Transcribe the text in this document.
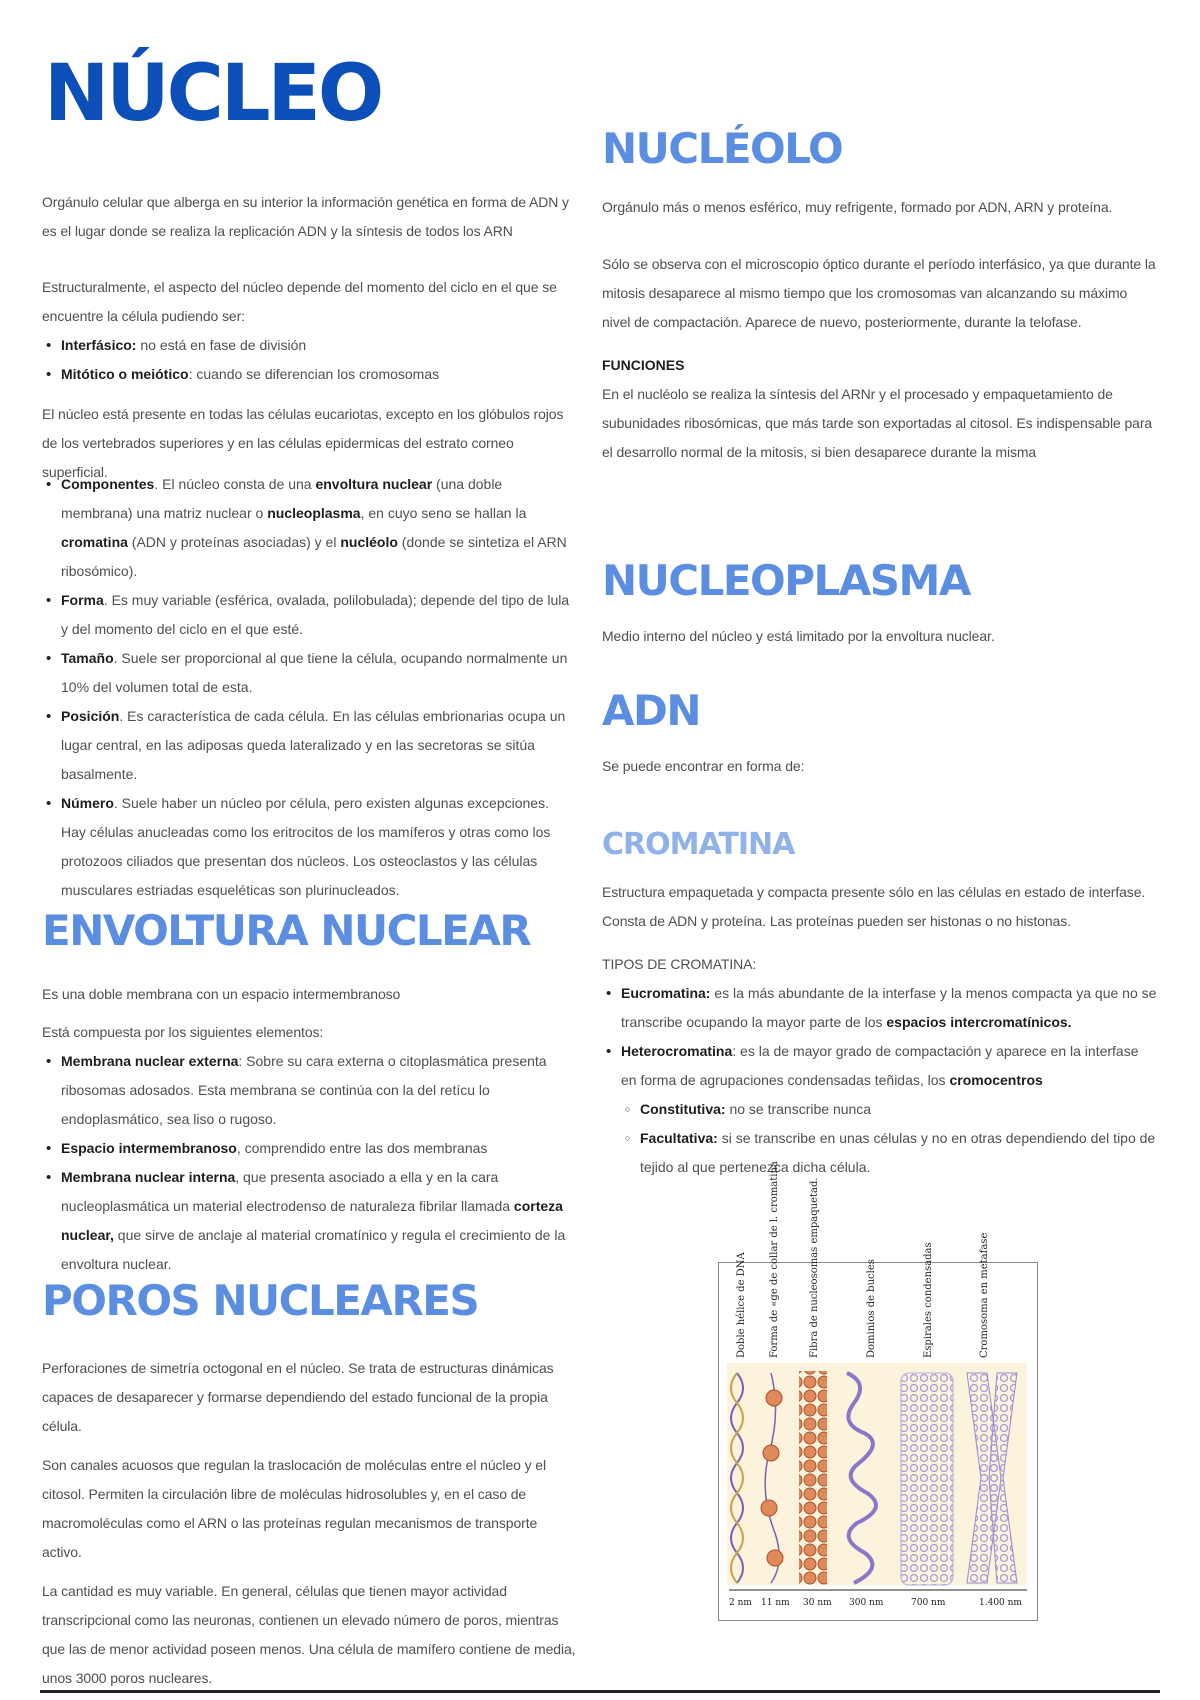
NÚCLEO

Orgánulo celular que alberga en su interior la información genética en forma de ADN y es el lugar donde se realiza la replicación ADN y la síntesis de todos los ARN

Estructuralmente, el aspecto del núcleo depende del momento del ciclo en el que se encuentre la célula pudiendo ser:

• Interfásico: no está en fase de división
• Mitótico o meiótico: cuando se diferencian los cromosomas

El núcleo está presente en todas las células eucariotas, excepto en los glóbulos rojos de los vertebrados superiores y en las células epidermicas del estrato corneo superficial.

• Componentes. El núcleo consta de una envoltura nuclear (una doble membrana) una matriz nuclear o nucleoplasma, en cuyo seno se hallan la cromatina (ADN y proteínas asociadas) y el nucléolo (donde se sintetiza el ARN ribosómico).
• Forma. Es muy variable (esférica, ovalada, polilobulada); depende del tipo de lula y del momento del ciclo en el que esté.
• Tamaño. Suele ser proporcional al que tiene la célula, ocupando normalmente un 10% del volumen total de esta.
• Posición. Es característica de cada célula. En las células embrionarias ocupa un lugar central, en las adiposas queda lateralizado y en las secretoras se sitúa basalmente.
• Número. Suele haber un núcleo por célula, pero existen algunas excepciones. Hay células anucleadas como los eritrocitos de los mamíferos y otras como los protozoos ciliados que presentan dos núcleos. Los osteoclastos y las células musculares estriadas esqueléticas son plurinucleados.
ENVOLTURA NUCLEAR

Es una doble membrana con un espacio intermembranoso

Está compuesta por los siguientes elementos:

• Membrana nuclear externa: Sobre su cara externa o citoplasmática presenta ribosomas adosados. Esta membrana se continúa con la del retícu lo endoplasmático, sea liso o rugoso.
• Espacio intermembranoso, comprendido entre las dos membranas
• Membrana nuclear interna, que presenta asociado a ella y en la cara nucleoplasmática un material electrodenso de naturaleza fibrilar llamada corteza nuclear, que sirve de anclaje al material cromatínico y regula el crecimiento de la envoltura nuclear.
POROS NUCLEARES

Perforaciones de simetría octogonal en el núcleo. Se trata de estructuras dinámicas capaces de desaparecer y formarse dependiendo del estado funcional de la propia célula.

Son canales acuosos que regulan la traslocación de moléculas entre el núcleo y el citosol. Permiten la circulación libre de moléculas hidrosolubles y, en el caso de macromoléculas como el ARN o las proteínas regulan mecanismos de transporte activo.

La cantidad es muy variable. En general, células que tienen mayor actividad transcripcional como las neuronas, contienen un elevado número de poros, mientras que las de menor actividad poseen menos. Una célula de mamífero contiene de media, unos 3000 poros nucleares.

NUCLÉOLO

Orgánulo más o menos esférico, muy refrigente, formado por ADN, ARN y proteína.

Sólo se observa con el microscopio óptico durante el período interfásico, ya que durante la mitosis desaparece al mismo tiempo que los cromosomas van alcanzando su máximo nivel de compactación. Aparece de nuevo, posteriormente, durante la telofase.

FUNCIONES

En el nucléolo se realiza la síntesis del ARNr y el procesado y empaquetamiento de subunidades ribosómicas, que más tarde son exportadas al citosol. Es indispensable para el desarrollo normal de la mitosis, si bien desaparece durante la misma

NUCLEOPLASMA

Medio interno del núcleo y está limitado por la envoltura nuclear.

ADN

Se puede encontrar en forma de:

CROMATINA

Estructura empaquetada y compacta presente sólo en las células en estado de interfase. Consta de ADN y proteína. Las proteínas pueden ser histonas o no histonas.

TIPOS DE CROMATINA:

• Eucromatina: es la más abundante de la interfase y la menos compacta ya que no se transcribe ocupando la mayor parte de los espacios intercromatínicos.
• Heterocromatina: es la de mayor grado de compactación y aparece en la interfase en forma de agrupaciones condensadas teñidas, los cromocentros
○ Constitutiva: no se transcribe nunca
○ Facultativa: si se transcribe en unas células y no en otras dependiendo del tipo de tejido al que pertenezca dicha célula.
Doble hélice de DNA Forma de «ge de collar de l. cromatina	Fibra de nucleosomas empaquetad.	Dominios de bucles	Espirales condensadas	Cromosoma en metafase
2 nm 11 nm 30 nm 300 nm	700 nm	1.400 nm
